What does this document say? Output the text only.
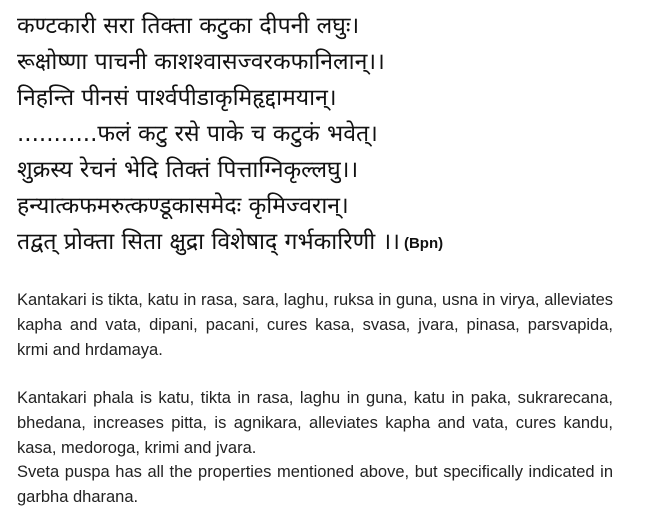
कण्टकारी सरा तिक्ता कटुका दीपनी लघुः।
रूक्षोष्णा पाचनी काशश्वासज्वरकफानिलान्।।
निहन्ति पीनसं पार्श्वपीडाकृमिहृद्दामयान्।
...........फलं कटु रसे पाके च कटुकं भवेत्।
शुक्रस्य रेचनं भेदि तिक्तं पित्ताग्निकृल्लघु।।
हन्यात्कफमरुत्कण्डूकासमेदः कृमिज्वरान्।
तद्वत् प्रोक्ता सिता क्षुद्रा विशेषाद् गर्भकारिणी ।। (Bpn)

Kantakari is tikta, katu in rasa, sara, laghu, ruksa in guna, usna in virya, alleviates kapha and vata, dipani, pacani, cures kasa, svasa, jvara, pinasa, parsvapida, krmi and hrdamaya.

Kantakari phala is katu, tikta in rasa, laghu in guna, katu in paka, sukrarecana, bhedana, increases pitta, is agnikara, alleviates kapha and vata, cures kandu, kasa, medoroga, krimi and jvara.

Sveta puspa has all the properties mentioned above, but specifically indicated in garbha dharana.
